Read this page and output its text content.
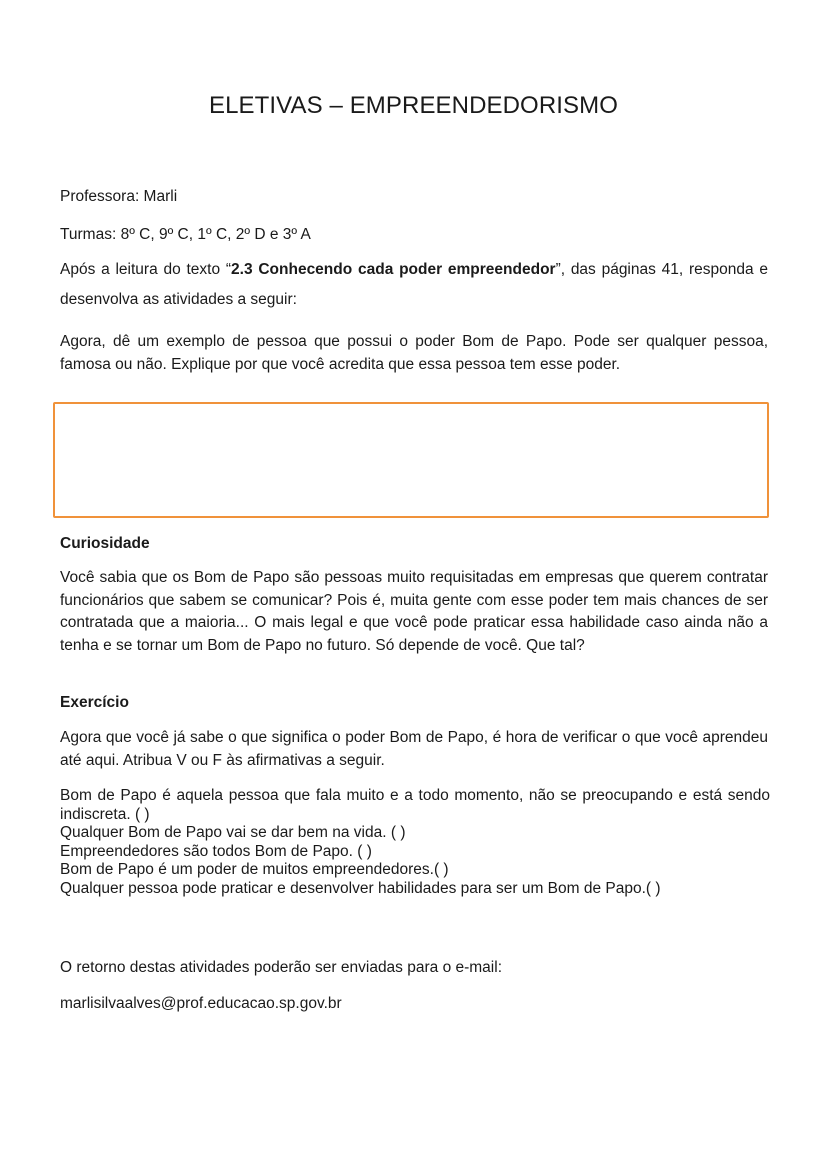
ELETIVAS – EMPREENDEDORISMO
Professora: Marli
Turmas: 8º C, 9º C, 1º C, 2º D e 3º A
Após a leitura do texto “2.3 Conhecendo cada poder empreendedor”, das páginas 41, responda e desenvolva as atividades a seguir:
Agora, dê um exemplo de pessoa que possui o poder Bom de Papo. Pode ser qualquer pessoa, famosa ou não. Explique por que você acredita que essa pessoa tem esse poder.
Curiosidade
Você sabia que os Bom de Papo são pessoas muito requisitadas em empresas que querem contratar funcionários que sabem se comunicar? Pois é, muita gente com esse poder tem mais chances de ser contratada que a maioria... O mais legal e que você pode praticar essa habilidade caso ainda não a tenha e se tornar um Bom de Papo no futuro. Só depende de você. Que tal?
Exercício
Agora que você já sabe o que significa o poder Bom de Papo, é hora de verificar o que você aprendeu até aqui. Atribua V ou F às afirmativas a seguir.
Bom de Papo é aquela pessoa que fala muito e a todo momento, não se preocupando e está sendo indiscreta. ( )
Qualquer Bom de Papo vai se dar bem na vida. ( )
Empreendedores são todos Bom de Papo. ( )
Bom de Papo é um poder de muitos empreendedores.( )
Qualquer pessoa pode praticar e desenvolver habilidades para ser um Bom de Papo.( )
O retorno destas atividades poderão ser enviadas para o e-mail:
marlisilvaalves@prof.educacao.sp.gov.br
